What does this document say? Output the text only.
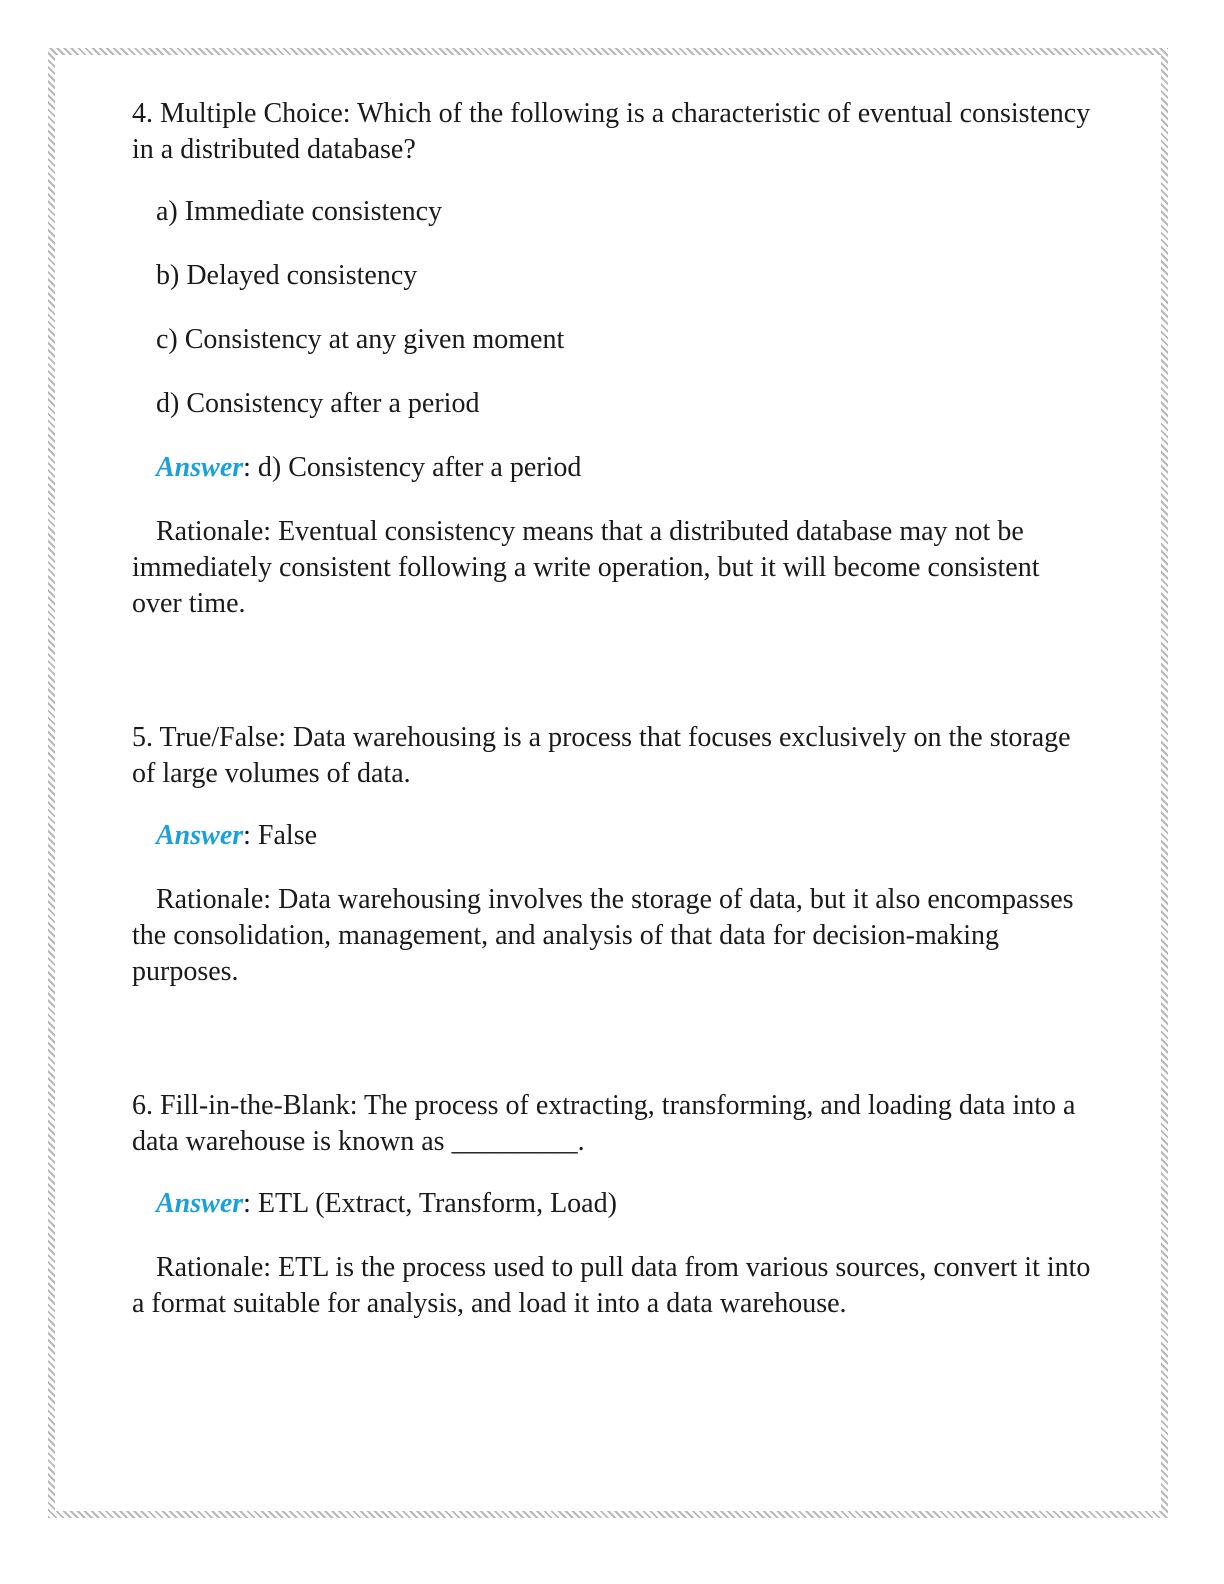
4. Multiple Choice: Which of the following is a characteristic of eventual consistency in a distributed database?

a) Immediate consistency

b) Delayed consistency

c) Consistency at any given moment

d) Consistency after a period

Answer: d) Consistency after a period

Rationale: Eventual consistency means that a distributed database may not be immediately consistent following a write operation, but it will become consistent over time.

5. True/False: Data warehousing is a process that focuses exclusively on the storage of large volumes of data.

Answer: False

Rationale: Data warehousing involves the storage of data, but it also encompasses the consolidation, management, and analysis of that data for decision-making purposes.

6. Fill-in-the-Blank: The process of extracting, transforming, and loading data into a data warehouse is known as _________.

Answer: ETL (Extract, Transform, Load)

Rationale: ETL is the process used to pull data from various sources, convert it into a format suitable for analysis, and load it into a data warehouse.
